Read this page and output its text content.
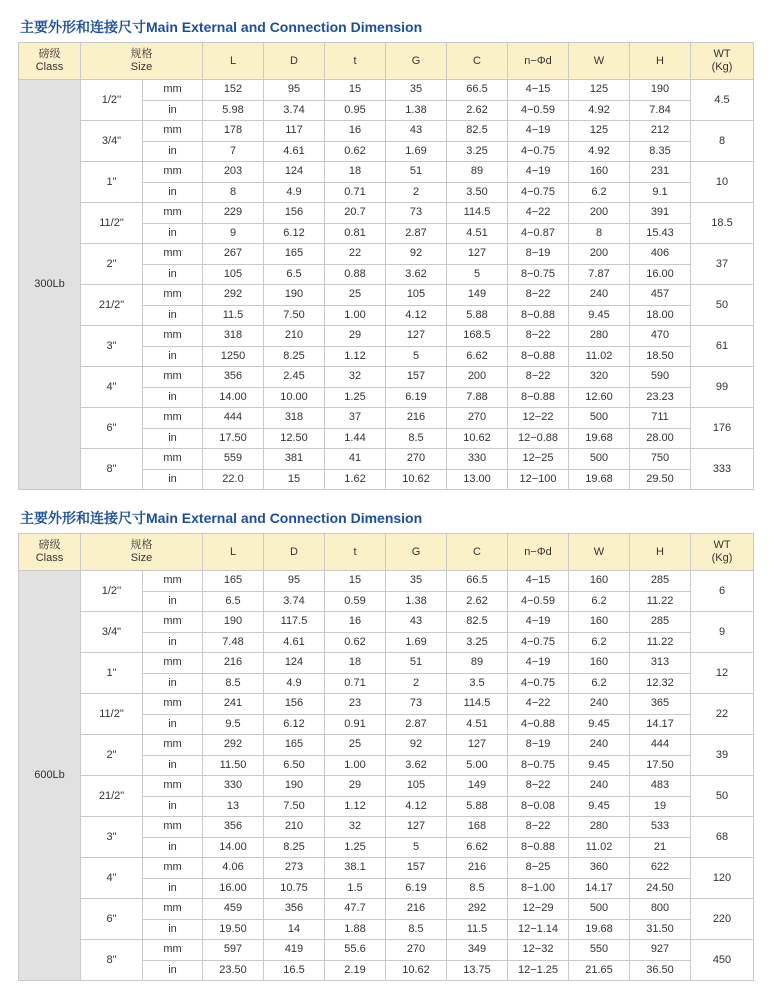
主要外形和连接尺寸Main External and Connection Dimension
磅级
Class	规格
Size		L	D	t	G	C	n−Φd	W	H	WT
(Kg)

300Lb	1/2''	mm	152	95	15	35	66.5	4−15	125	190	4.5
		in	5.98	3.74	0.95	1.38	2.62	4−0.59	4.92	7.84	
	3/4"	mm	178	117	16	43	82.5	4−19	125	212	8
		in	7	4.61	0.62	1.69	3.25	4−0.75	4.92	8.35	
	1"	mm	203	124	18	51	89	4−19	160	231	10
		in	8	4.9	0.71	2	3.50	4−0.75	6.2	9.1	
	11/2"	mm	229	156	20.7	73	114.5	4−22	200	391	18.5
		in	9	6.12	0.81	2.87	4.51	4−0.87	8	15.43	
	2"	mm	267	165	22	92	127	8−19	200	406	37
		in	105	6.5	0.88	3.62	5	8−0.75	7.87	16.00	
	21/2"	mm	292	190	25	105	149	8−22	240	457	50
		in	11.5	7.50	1.00	4.12	5.88	8−0.88	9.45	18.00	
	3"	mm	318	210	29	127	168.5	8−22	280	470	61
		in	1250	8.25	1.12	5	6.62	8−0.88	11.02	18.50	
	4"	mm	356	2.45	32	157	200	8−22	320	590	99
		in	14.00	10.00	1.25	6.19	7.88	8−0.88	12.60	23.23	
	6"	mm	444	318	37	216	270	12−22	500	711	176
		in	17.50	12.50	1.44	8.5	10.62	12−0.88	19.68	28.00	
	8"	mm	559	381	41	270	330	12−25	500	750	333
		in	22.0	15	1.62	10.62	13.00	12−100	19.68	29.50	
主要外形和连接尺寸Main External and Connection Dimension
磅级
Class	规格
Size		L	D	t	G	C	n−Φd	W	H	WT
(Kg)

600Lb	1/2''	mm	165	95	15	35	66.5	4−15	160	285	6
		in	6.5	3.74	0.59	1.38	2.62	4−0.59	6.2	11.22	
	3/4"	mm	190	117.5	16	43	82.5	4−19	160	285	9
		in	7.48	4.61	0.62	1.69	3.25	4−0.75	6.2	11.22	
	1"	mm	216	124	18	51	89	4−19	160	313	12
		in	8.5	4.9	0.71	2	3.5	4−0.75	6.2	12.32	
	11/2"	mm	241	156	23	73	114.5	4−22	240	365	22
		in	9.5	6.12	0.91	2.87	4.51	4−0.88	9.45	14.17	
	2"	mm	292	165	25	92	127	8−19	240	444	39
		in	11.50	6.50	1.00	3.62	5.00	8−0.75	9.45	17.50	
	21/2"	mm	330	190	29	105	149	8−22	240	483	50
		in	13	7.50	1.12	4.12	5.88	8−0.08	9.45	19	
	3"	mm	356	210	32	127	168	8−22	280	533	68
		in	14.00	8.25	1.25	5	6.62	8−0.88	11.02	21	
	4"	mm	4.06	273	38.1	157	216	8−25	360	622	120
		in	16.00	10.75	1.5	6.19	8.5	8−1.00	14.17	24.50	
	6"	mm	459	356	47.7	216	292	12−29	500	800	220
		in	19.50	14	1.88	8.5	11.5	12−1.14	19.68	31.50	
	8"	mm	597	419	55.6	270	349	12−32	550	927	450
		in	23.50	16.5	2.19	10.62	13.75	12−1.25	21.65	36.50	
